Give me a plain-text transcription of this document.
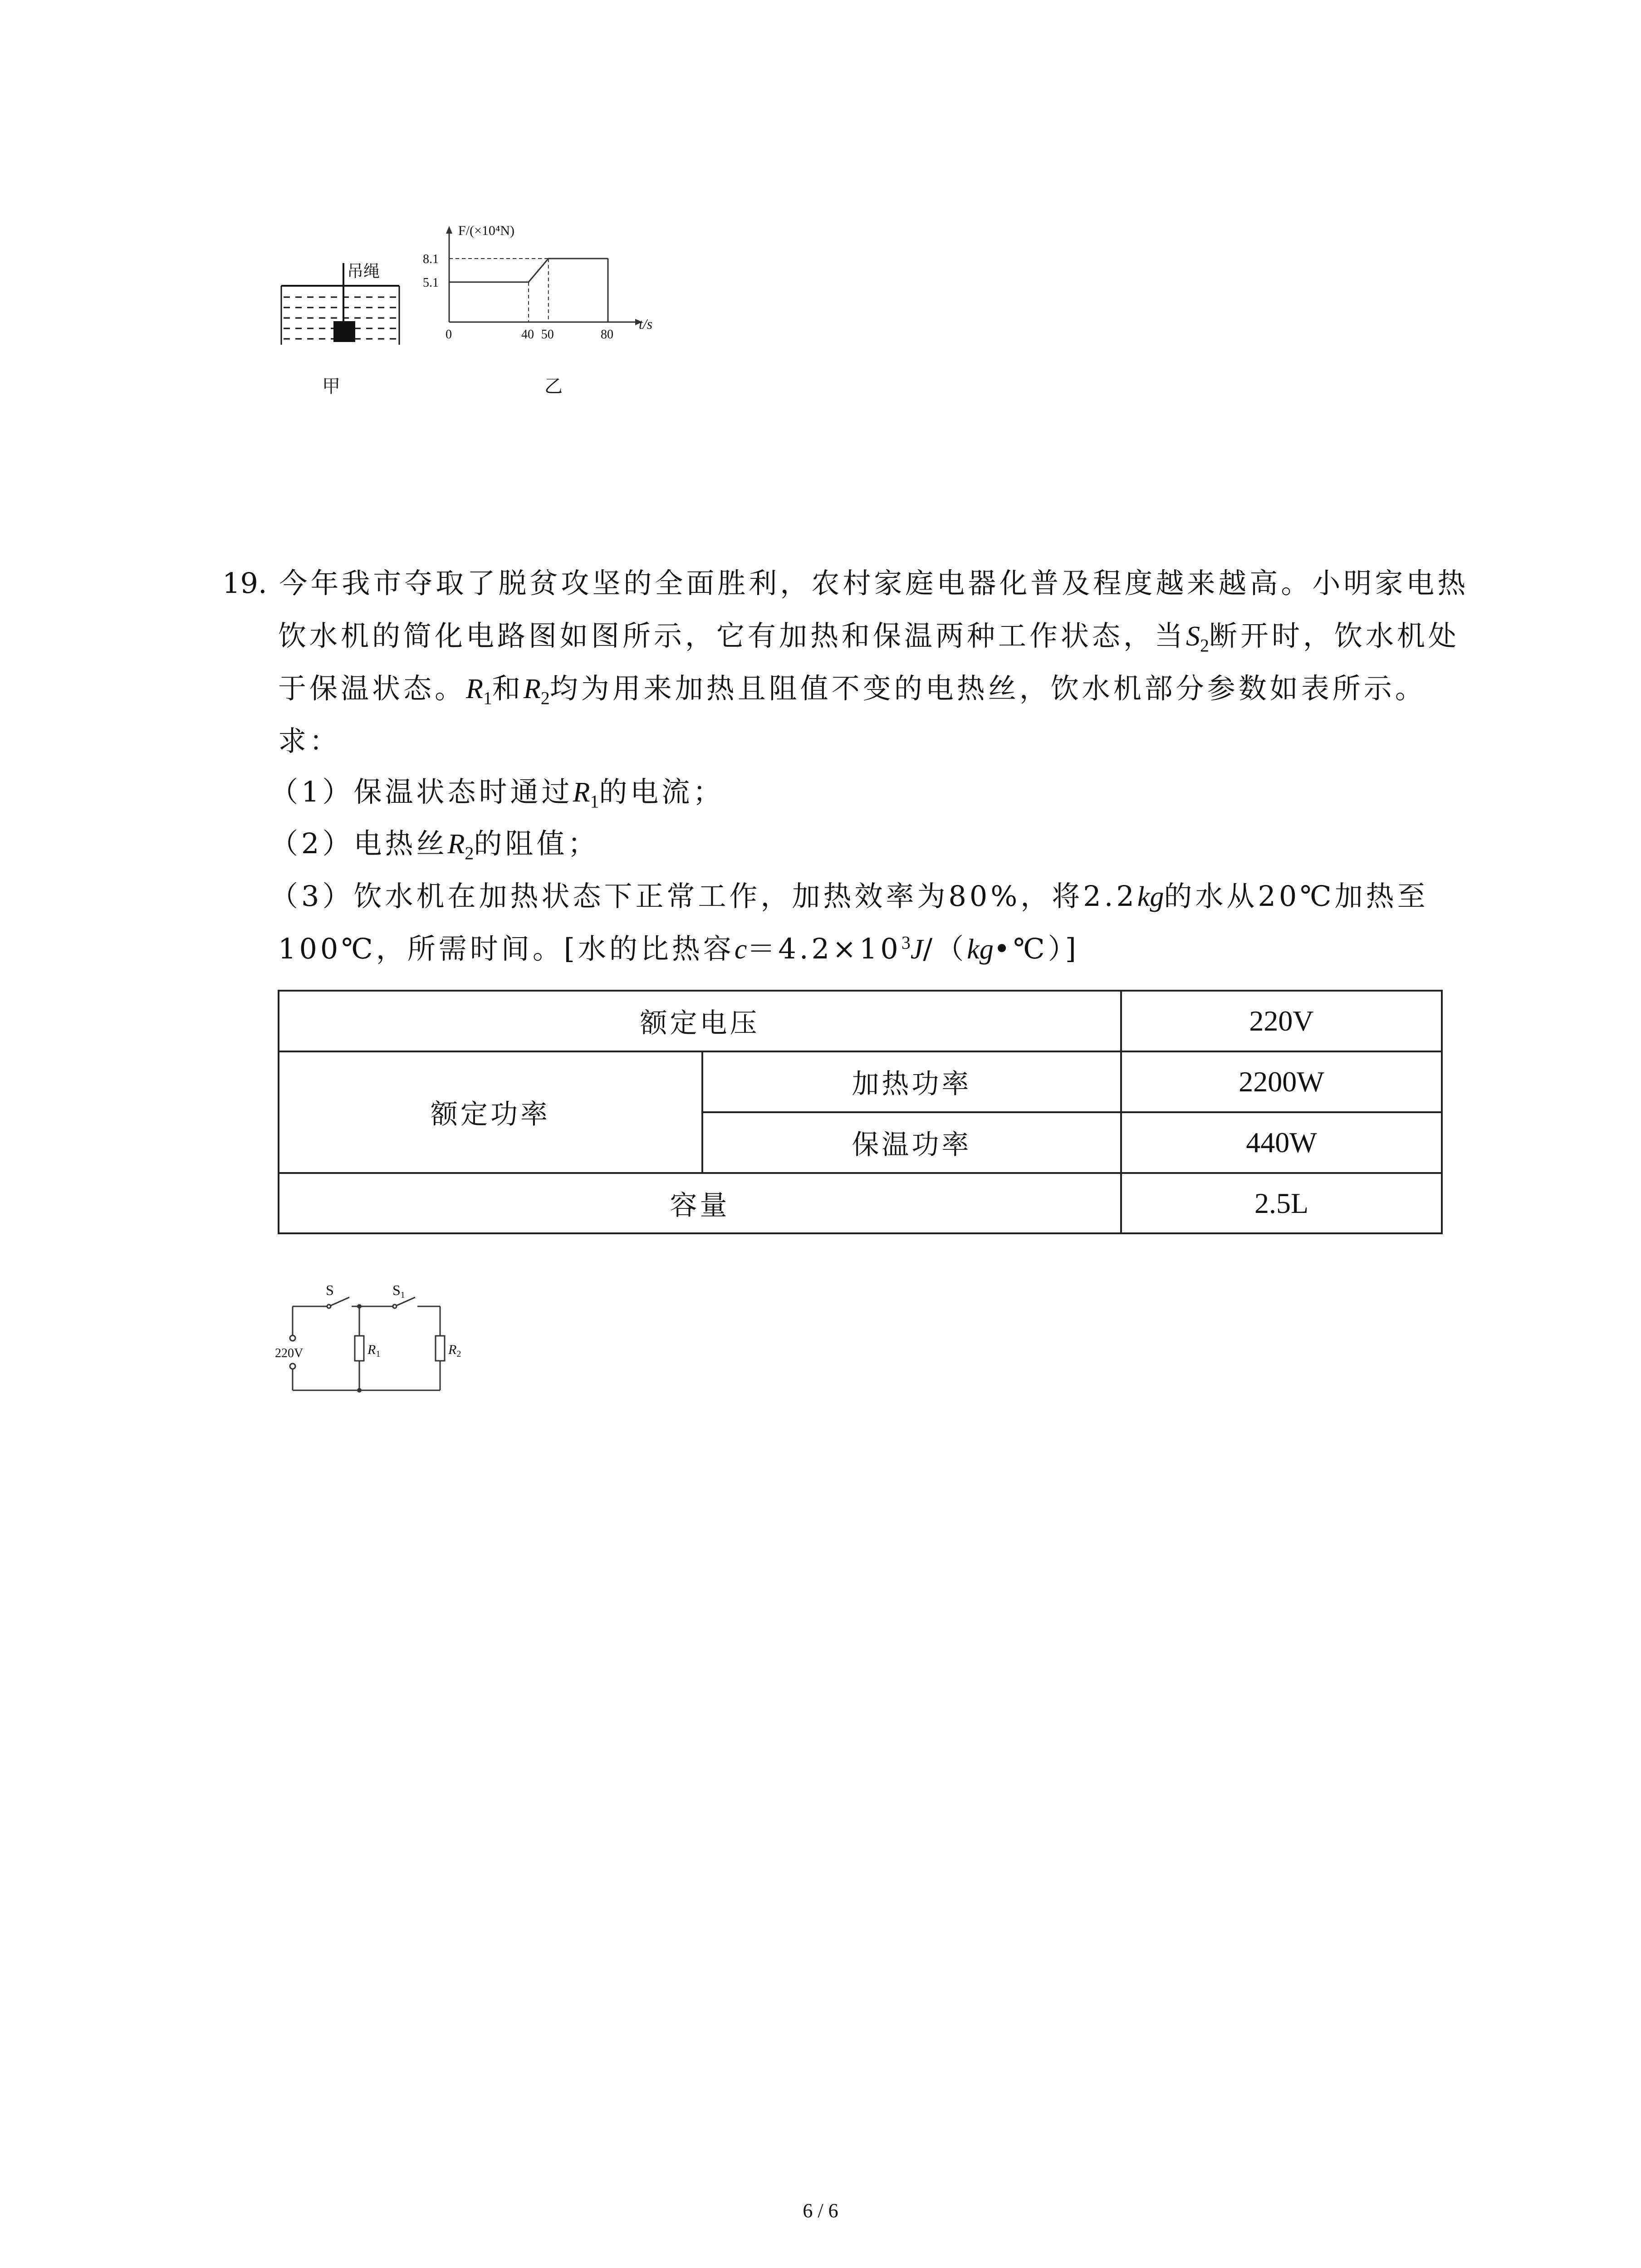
吊绳
甲
8.1
5.1
0	40 50	80
F/(×10⁴N)
t/s
乙
19. 今年我市夺取了脱贫攻坚的全面胜利，农村家庭电器化普及程度越来越高。小明家电热
饮水机的简化电路图如图所示，它有加热和保温两种工作状态，当$S_2$断开时，饮水机处
于保温状态。$R_1$和$R_2$均为用来加热且阻值不变的电热丝，饮水机部分参数如表所示。
求：
（1）保温状态时通过$R_1$的电流；
（2）电热丝$R_2$的阻值；
（3）饮水机在加热状态下正常工作，加热效率为80%，将2.2kg的水从20℃加热至
100℃，所需时间。[水的比热容$c=4.2\times 10^3J/(kg•℃)$]
额定电压		220V
额定功率	加热功率	2200W
	保温功率	440W
容量		2.5L
S	S1
220V	$R_1$	$R_2$
6 / 6
